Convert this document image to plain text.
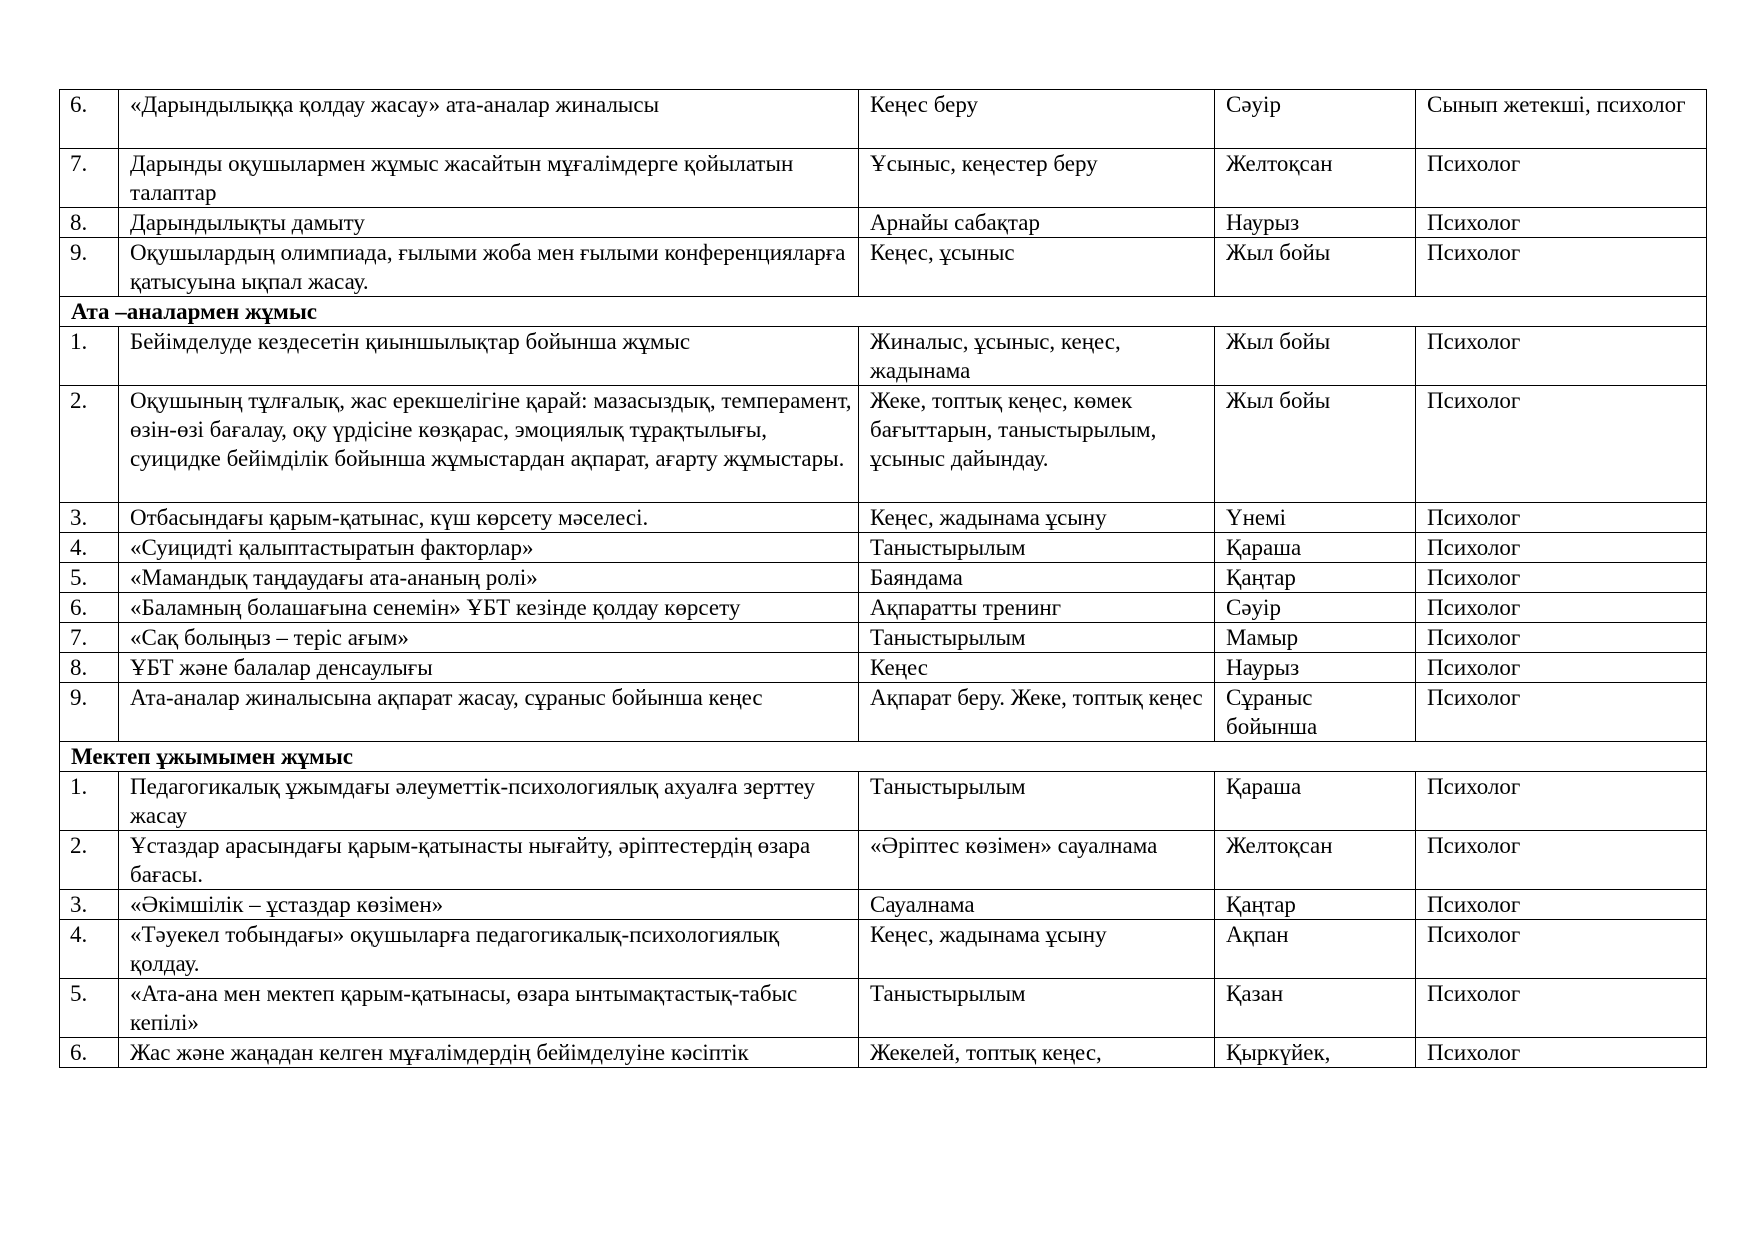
6.	«Дарындылыққа қолдау жасау» ата-аналар жиналысы	Кеңес беру	Сәуір	Сынып жетекші, психолог
7.	Дарынды оқушылармен жұмыс жасайтын мұғалімдерге қойылатын талаптар	Ұсыныс, кеңестер беру	Желтоқсан	Психолог
8.	Дарындылықты дамыту	Арнайы сабақтар	Наурыз	Психолог
9.	Оқушылардың олимпиада, ғылыми жоба мен ғылыми конференцияларға қатысуына ықпал жасау.	Кеңес, ұсыныс	Жыл бойы	Психолог
Ата –аналармен жұмыс				
1.	Бейімделуде кездесетін қиыншылықтар бойынша жұмыс	Жиналыс, ұсыныс, кеңес, жадынама	Жыл бойы	Психолог
2.	Оқушының тұлғалық, жас ерекшелігіне қарай: мазасыздық, темперамент, өзін-өзі бағалау, оқу үрдісіне көзқарас, эмоциялық тұрақтылығы, суицидке бейімділік бойынша жұмыстардан ақпарат, ағарту жұмыстары.	Жеке, топтық кеңес, көмек бағыттарын, таныстырылым, ұсыныс дайындау.	Жыл бойы	Психолог
3.	Отбасындағы қарым-қатынас, күш көрсету мәселесі.	Кеңес, жадынама ұсыну	Үнемі	Психолог
4.	«Суицидті қалыптастыратын факторлар»	Таныстырылым	Қараша	Психолог
5.	«Мамандық таңдаудағы ата-ананың ролі»	Баяндама	Қаңтар	Психолог
6.	«Баламның болашағына сенемін» ҰБТ кезінде қолдау көрсету	Ақпаратты тренинг	Сәуір	Психолог
7.	«Сақ болыңыз – теріс ағым»	Таныстырылым	Мамыр	Психолог
8.	ҰБТ және балалар денсаулығы	Кеңес	Наурыз	Психолог
9.	Ата-аналар жиналысына ақпарат жасау, сұраныс бойынша кеңес	Ақпарат беру. Жеке, топтық кеңес	Сұраныс бойынша	Психолог
Мектеп ұжымымен жұмыс				
1.	Педагогикалық ұжымдағы әлеуметтік-психологиялық ахуалға зерттеу жасау	Таныстырылым	Қараша	Психолог
2.	Ұстаздар арасындағы қарым-қатынасты нығайту, әріптестердің өзара бағасы.	«Әріптес көзімен» сауалнама	Желтоқсан	Психолог
3.	«Әкімшілік – ұстаздар көзімен»	Сауалнама	Қаңтар	Психолог
4.	«Тәуекел тобындағы» оқушыларға педагогикалық-психологиялық қолдау.	Кеңес, жадынама ұсыну	Ақпан	Психолог
5.	«Ата-ана мен мектеп қарым-қатынасы, өзара ынтымақтастық-табыс кепілі»	Таныстырылым	Қазан	Психолог
6.	Жас және жаңадан келген мұғалімдердің бейімделуіне кәсіптік	Жекелей, топтық кеңес,	Қыркүйек,	Психолог
